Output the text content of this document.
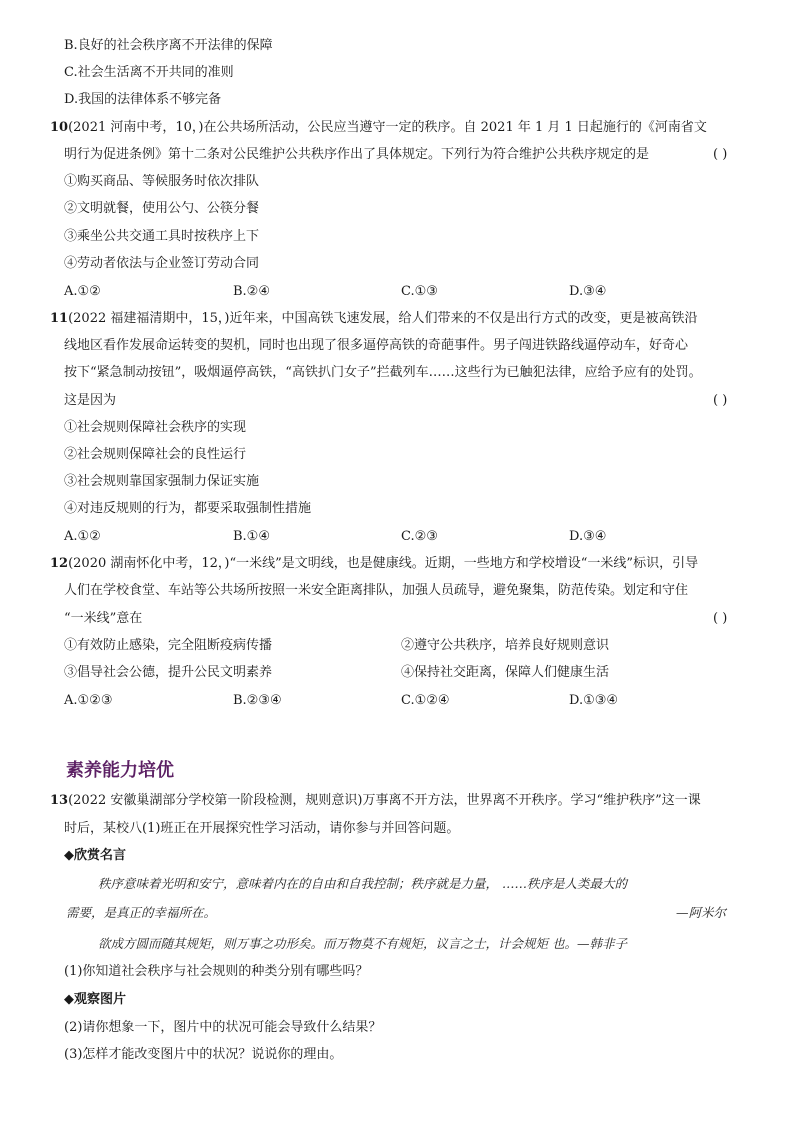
B.良好的社会秩序离不开法律的保障
C.社会生活离不开共同的准则
D.我国的法律体系不够完备
10(2021 河南中考，10，)在公共场所活动，公民应当遵守一定的秩序。自 2021 年 1 月 1 日起施行的《河南省文
明行为促进条例》第十二条对公民维护公共秩序作出了具体规定。下列行为符合维护公共秩序规定的是	( )
①购买商品、等候服务时依次排队
②文明就餐，使用公勺、公筷分餐
③乘坐公共交通工具时按秩序上下
④劳动者依法与企业签订劳动合同
A.①②	B.②④	C.①③	D.③④
11(2022 福建福清期中，15，)近年来，中国高铁飞速发展，给人们带来的不仅是出行方式的改变，更是被高铁沿
线地区看作发展命运转变的契机，同时也出现了很多逼停高铁的奇葩事件。男子闯进铁路线逼停动车，好奇心
按下“紧急制动按钮”，吸烟逼停高铁，“高铁扒门女子”拦截列车……这些行为已触犯法律，应给予应有的处罚。
这是因为	( )
①社会规则保障社会秩序的实现
②社会规则保障社会的良性运行
③社会规则靠国家强制力保证实施
④对违反规则的行为，都要采取强制性措施
A.①②	B.①④	C.②③	D.③④
12(2020 湖南怀化中考，12，)“一米线”是文明线，也是健康线。近期，一些地方和学校增设“一米线”标识，引导
人们在学校食堂、车站等公共场所按照一米安全距离排队，加强人员疏导，避免聚集，防范传染。划定和守住
“一米线”意在	( )
①有效防止感染，完全阻断疫病传播	②遵守公共秩序，培养良好规则意识
③倡导社会公德，提升公民文明素养	④保持社交距离，保障人们健康生活
A.①②③	B.②③④	C.①②④	D.①③④
素养能力培优
13(2022 安徽巢湖部分学校第一阶段检测，规则意识)万事离不开方法，世界离不开秩序。学习“维护秩序”这一课
时后，某校八(1)班正在开展探究性学习活动，请你参与并回答问题。
◆欣赏名言
秩序意味着光明和安宁，意味着内在的自由和自我控制；秩序就是力量， ……秩序是人类最大的
需要，是真正的幸福所在。	—阿米尔
欲成方圆而随其规矩，则万事之功形矣。而万物莫不有规矩，议言之士，计会规矩 也。—韩非子
(1)你知道社会秩序与社会规则的种类分别有哪些吗？
◆观察图片
(2)请你想象一下，图片中的状况可能会导致什么结果？
(3)怎样才能改变图片中的状况？说说你的理由。
